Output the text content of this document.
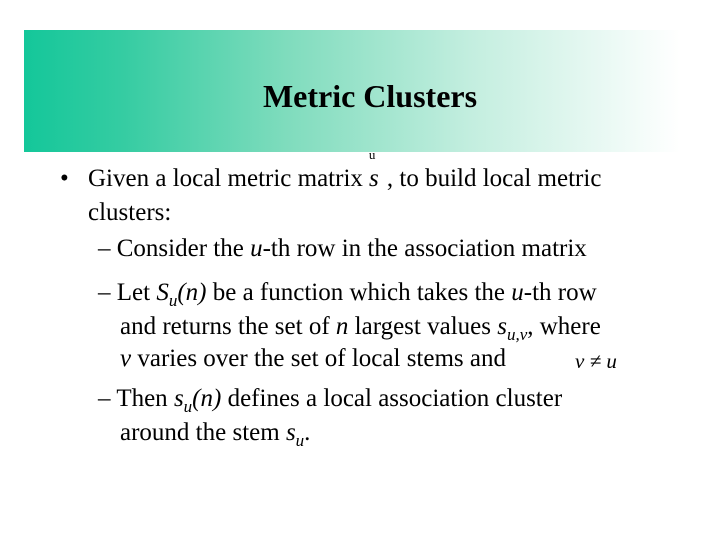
Metric Clusters
• Given a local metric matrix
u
s , to build local metric
clusters:
– Consider the u-th row in the association matrix
– Let $S_u(n)$ be a function which takes the u-th row
and returns the set of n largest values $s_{u,v}$, where
v varies over the set of local stems and	v ≠ u
– Then $s_u(n)$ defines a local association cluster
around the stem $s_u$.
